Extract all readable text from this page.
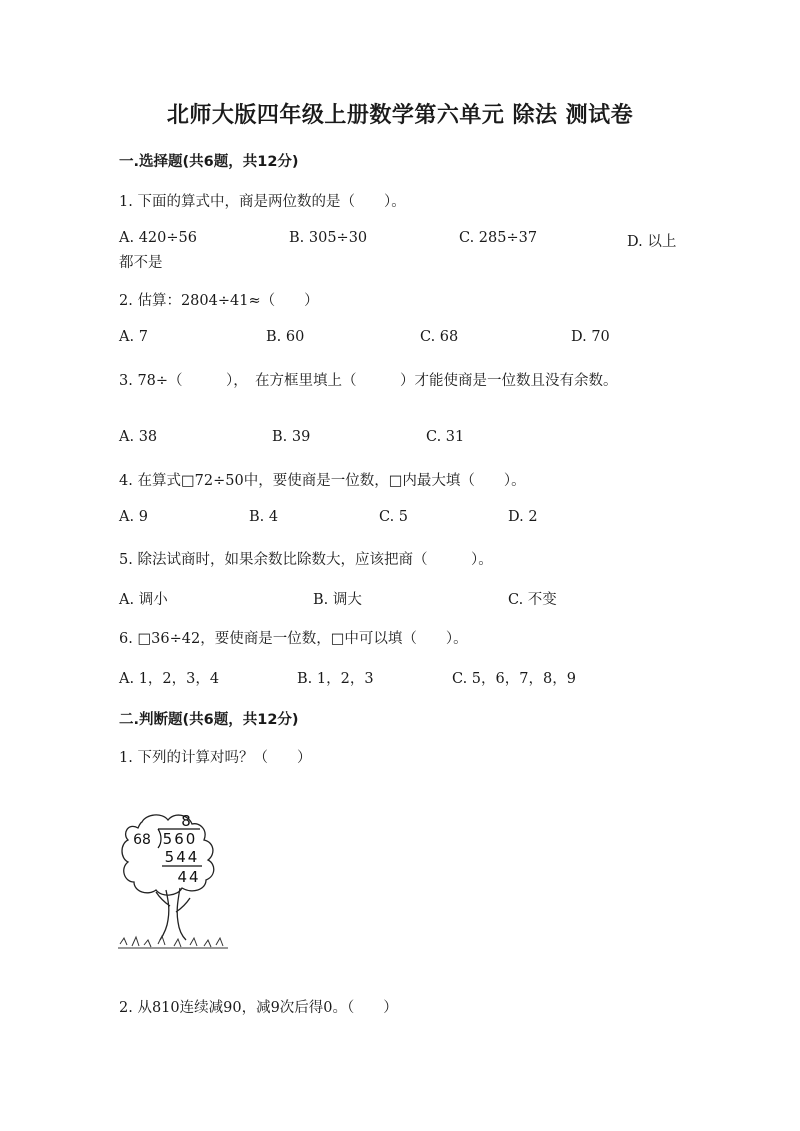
北师大版四年级上册数学第六单元 除法 测试卷
一.选择题(共6题，共12分)
1. 下面的算式中，商是两位数的是（　　）。
A. 420÷56	B. 305÷30	C. 285÷37	D. 以上
都不是
2. 估算：2804÷41≈（　　）
A. 7	B. 60	C. 68	D. 70
3. 78÷（　　　），　在方框里填上（　　　）才能使商是一位数且没有余数。
A. 38	B. 39	C. 31
4. 在算式□72÷50中，要使商是一位数，□内最大填（　　）。
A. 9	B. 4	C. 5	D. 2
5. 除法试商时，如果余数比除数大，应该把商（　　　）。
A. 调小	B. 调大	C. 不变
6. □36÷42，要使商是一位数，□中可以填（　　）。
A. 1，2，3，4	B. 1，2，3	C. 5，6，7，8，9
二.判断题(共6题，共12分)
1. 下列的计算对吗？（　　）
8
68 560
544
44
2. 从810连续减90，减9次后得0。（　　）
